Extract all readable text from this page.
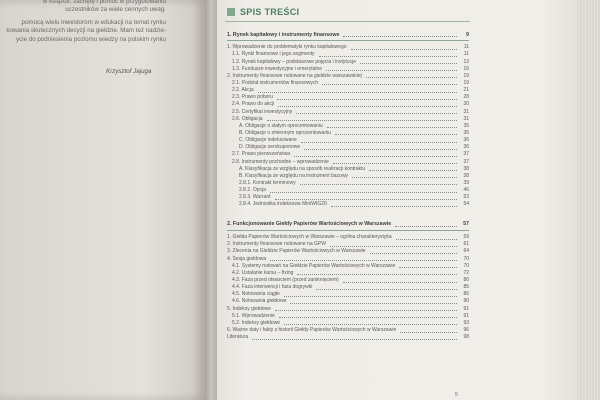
w książce, zachętę i pomoc w przygotowaniu
uczestników za wiele cennych uwag.
pomocą wielu inwestorom w edukacji na temat rynku
kowania skutecznych decyzji na giełdzie. Mam też nadzie-
ycie do podniesienia poziomu wiedzy na polskim rynku
Krzysztof Jajuga
SPIS TREŚCI
1. Rynek kapitałowy i instrumenty finansowe	9
1. Wprowadzenie do problematyki rynku kapitałowego	11
1.1. Rynki finansowe i jego segmenty	11
1.2. Rynek kapitałowy – podstawowe pojęcia i instytucje	13
1.3. Fundusze inwestycyjne i emerytalne	16
2. Instrumenty finansowe notowane na giełdzie warszawskiej	19
2.1. Podział instrumentów finansowych	19
2.2. Akcja	21
2.3. Prawo poboru	28
2.4. Prawo do akcji	30
2.5. Certyfikat inwestycyjny	31
2.6. Obligacja	31
A. Obligacje o stałym oprocentowaniu	35
B. Obligacje o zmiennym oprocentowaniu	35
C. Obligacje indeksowane	36
D. Obligacje zerokuponowe	36
2.7. Prawo pierwszeństwa	37
2.8. Instrumenty pochodne – wprowadzenie	37
A. Klasyfikacja ze względu na sposób realizacji kontraktu	38
B. Klasyfikacja ze względu na instrument bazowy	38
2.8.1. Kontrakt terminowy	39
2.8.2. Opcja	46
2.8.3. Warrant	53
2.8.4. Jednostka indeksowa MiniWIG20	54
2. Funkcjonowanie Giełdy Papierów Wartościowych w Warszawie	57
1. Giełda Papierów Wartościowych w Warszawie – ogólna charakterystyka	59
2. Instrumenty finansowe notowane na GPW	61
3. Zlecenia na Giełdzie Papierów Wartościowych w Warszawie	64
4. Sesja giełdowa	70
4.1. Systemy notowań na Giełdzie Papierów Wartościowych w Warszawie	70
4.2. Ustalanie kursu – fixing	72
4.3. Faza przed otwarciem (przed zamknięciem)	80
4.4. Faza interwencji i faza dogrywki	85
4.5. Notowania ciągłe	86
4.6. Notowania giełdowe	90
5. Indeksy giełdowe	91
5.1. Wprowadzenie	91
5.2. Indeksy giełdowe	93
6. Ważne daty i fakty z historii Giełdy Papierów Wartościowych w Warszawie	96
Literatura	98
5
